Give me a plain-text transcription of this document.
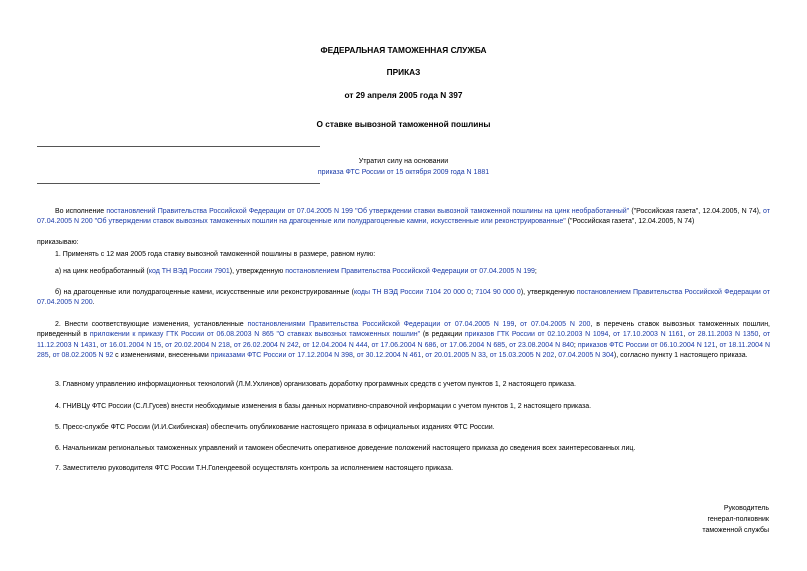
ФЕДЕРАЛЬНАЯ ТАМОЖЕННАЯ СЛУЖБА
ПРИКАЗ
от 29 апреля 2005 года N 397
О ставке вывозной таможенной пошлины
Утратил силу на основании
приказа ФТС России от 15 октября 2009 года N 1881
Во исполнение постановлений Правительства Российской Федерации от 07.04.2005 N 199 "Об утверждении ставки вывозной таможенной пошлины на цинк необработанный" ("Российская газета", 12.04.2005, N 74), от 07.04.2005 N 200 "Об утверждении ставок вывозных таможенных пошлин на драгоценные или полудрагоценные камни, искусственные или реконструированные" ("Российская газета", 12.04.2005, N 74)
приказываю:
1. Применять с 12 мая 2005 года ставку вывозной таможенной пошлины в размере, равном нулю:
а) на цинк необработанный (код ТН ВЭД России 7901), утвержденную постановлением Правительства Российской Федерации от 07.04.2005 N 199;
б) на драгоценные или полудрагоценные камни, искусственные или реконструированные (коды ТН ВЭД России 7104 20 000 0; 7104 90 000 0), утвержденную постановлением Правительства Российской Федерации от 07.04.2005 N 200.
2. Внести соответствующие изменения, установленные постановлениями Правительства Российской Федерации от 07.04.2005 N 199, от 07.04.2005 N 200, в перечень ставок вывозных таможенных пошлин, приведенный в приложении к приказу ГТК России от 06.08.2003 N 865 "О ставках вывозных таможенных пошлин" (в редакции приказов ГТК России от 02.10.2003 N 1094, от 17.10.2003 N 1161, от 28.11.2003 N 1350, от 11.12.2003 N 1431, от 16.01.2004 N 15, от 20.02.2004 N 218, от 26.02.2004 N 242, от 12.04.2004 N 444, от 17.06.2004 N 686, от 17.06.2004 N 685, от 23.08.2004 N 840; приказов ФТС России от 06.10.2004 N 121, от 18.11.2004 N 285, от 08.02.2005 N 92 с изменениями, внесенными приказами ФТС России от 17.12.2004 N 398, от 30.12.2004 N 461, от 20.01.2005 N 33, от 15.03.2005 N 202, 07.04.2005 N 304), согласно пункту 1 настоящего приказа.
3. Главному управлению информационных технологий (Л.М.Ухлинов) организовать доработку программных средств с учетом пунктов 1, 2 настоящего приказа.
4. ГНИВЦу ФТС России (С.Л.Гусев) внести необходимые изменения в базы данных нормативно-справочной информации с учетом пунктов 1, 2 настоящего приказа.
5. Пресс-службе ФТС России (И.И.Скибинская) обеспечить опубликование настоящего приказа в официальных изданиях ФТС России.
6. Начальникам региональных таможенных управлений и таможен обеспечить оперативное доведение положений настоящего приказа до сведения всех заинтересованных лиц.
7. Заместителю руководителя ФТС России Т.Н.Голендеевой осуществлять контроль за исполнением настоящего приказа.
Руководитель
генерал-полковник
таможенной службы
